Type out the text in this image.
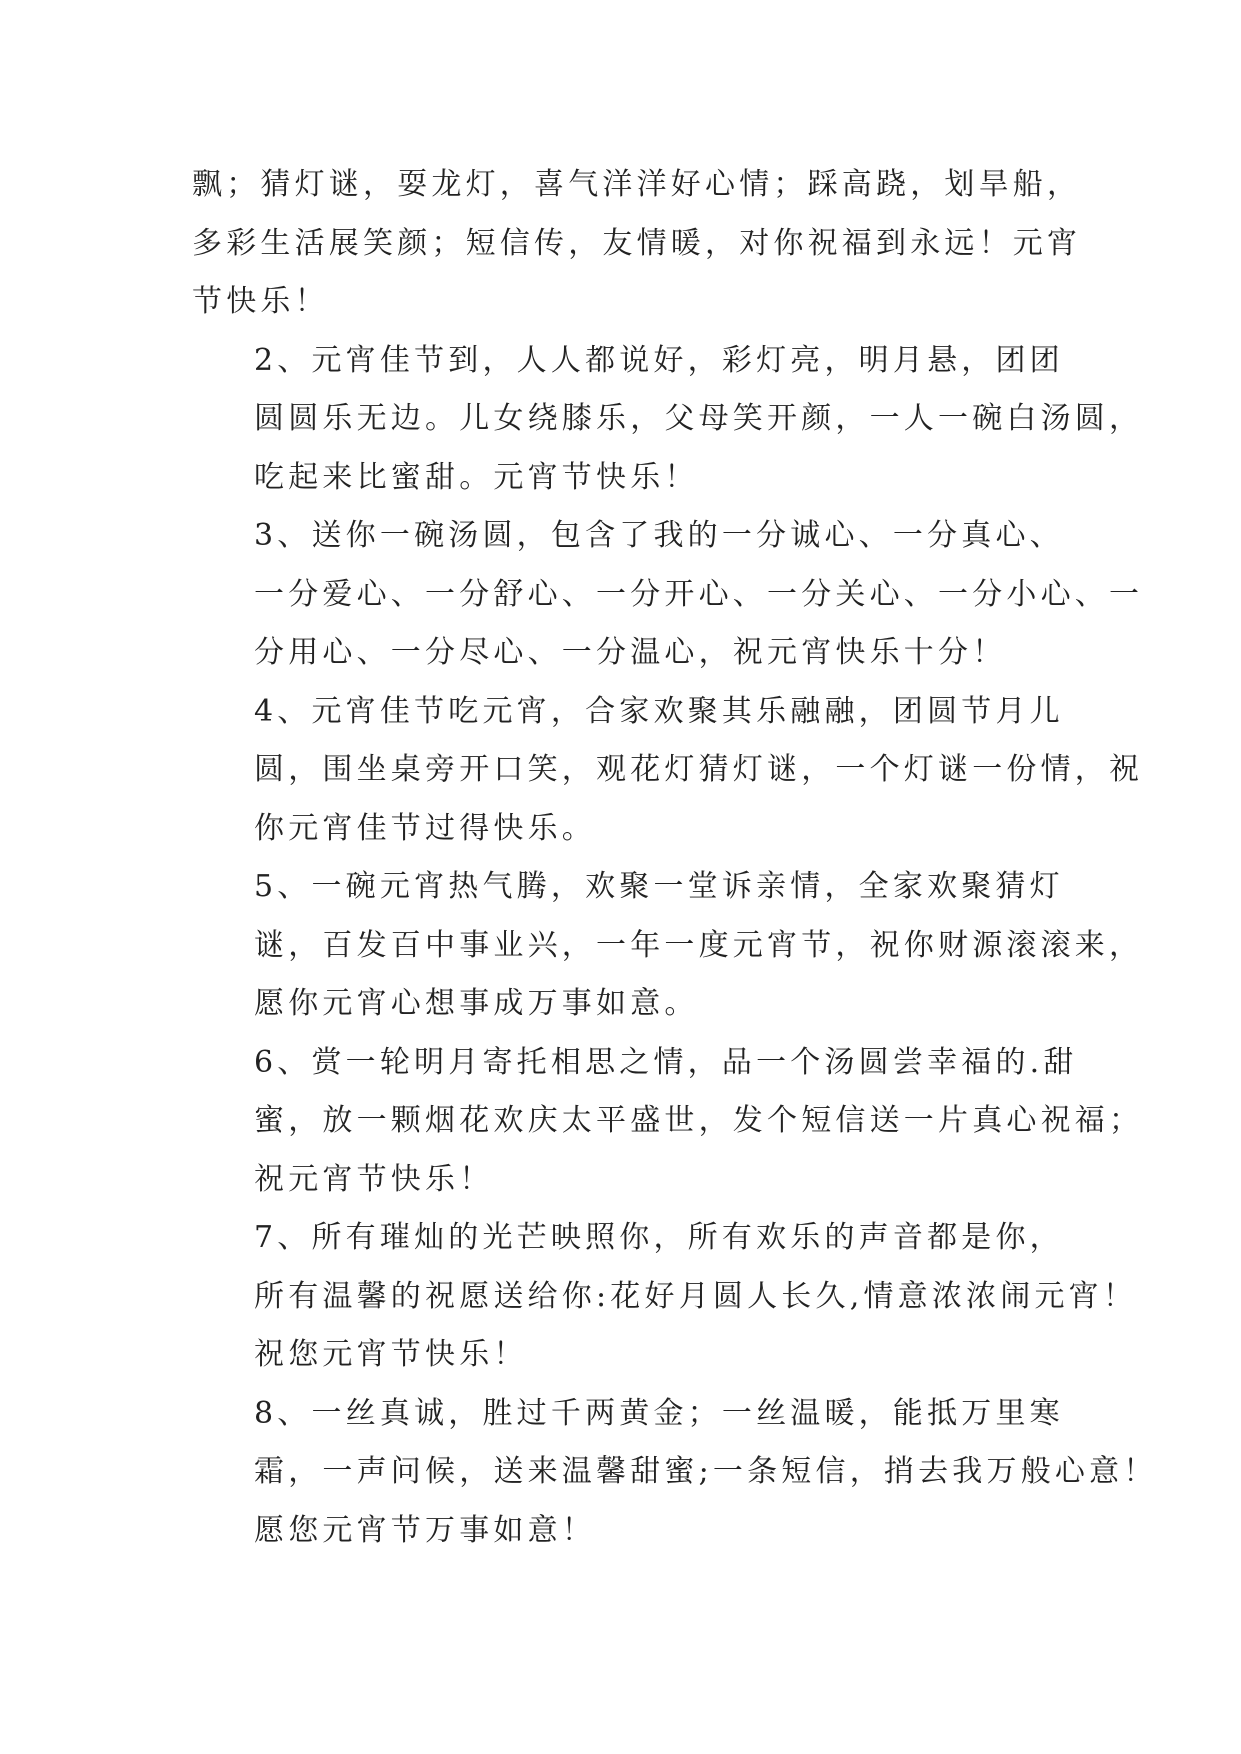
飘；猜灯谜，耍龙灯，喜气洋洋好心情；踩高跷，划旱船，
多彩生活展笑颜；短信传，友情暖，对你祝福到永远！元宵
节快乐！

2、元宵佳节到，人人都说好，彩灯亮，明月悬，团团
圆圆乐无边。儿女绕膝乐，父母笑开颜，一人一碗白汤圆，
吃起来比蜜甜。元宵节快乐！

3、送你一碗汤圆，包含了我的一分诚心、一分真心、
一分爱心、一分舒心、一分开心、一分关心、一分小心、一
分用心、一分尽心、一分温心，祝元宵快乐十分！

4、元宵佳节吃元宵，合家欢聚其乐融融，团圆节月儿
圆，围坐桌旁开口笑，观花灯猜灯谜，一个灯谜一份情，祝
你元宵佳节过得快乐。

5、一碗元宵热气腾，欢聚一堂诉亲情，全家欢聚猜灯
谜，百发百中事业兴，一年一度元宵节，祝你财源滚滚来，
愿你元宵心想事成万事如意。

6、赏一轮明月寄托相思之情，品一个汤圆尝幸福的.甜
蜜，放一颗烟花欢庆太平盛世，发个短信送一片真心祝福；
祝元宵节快乐！

7、所有璀灿的光芒映照你，所有欢乐的声音都是你，
所有温馨的祝愿送给你:花好月圆人长久,情意浓浓闹元宵！
祝您元宵节快乐！

8、一丝真诚，胜过千两黄金；一丝温暖，能抵万里寒
霜，一声问候，送来温馨甜蜜;一条短信，捎去我万般心意！
愿您元宵节万事如意！
